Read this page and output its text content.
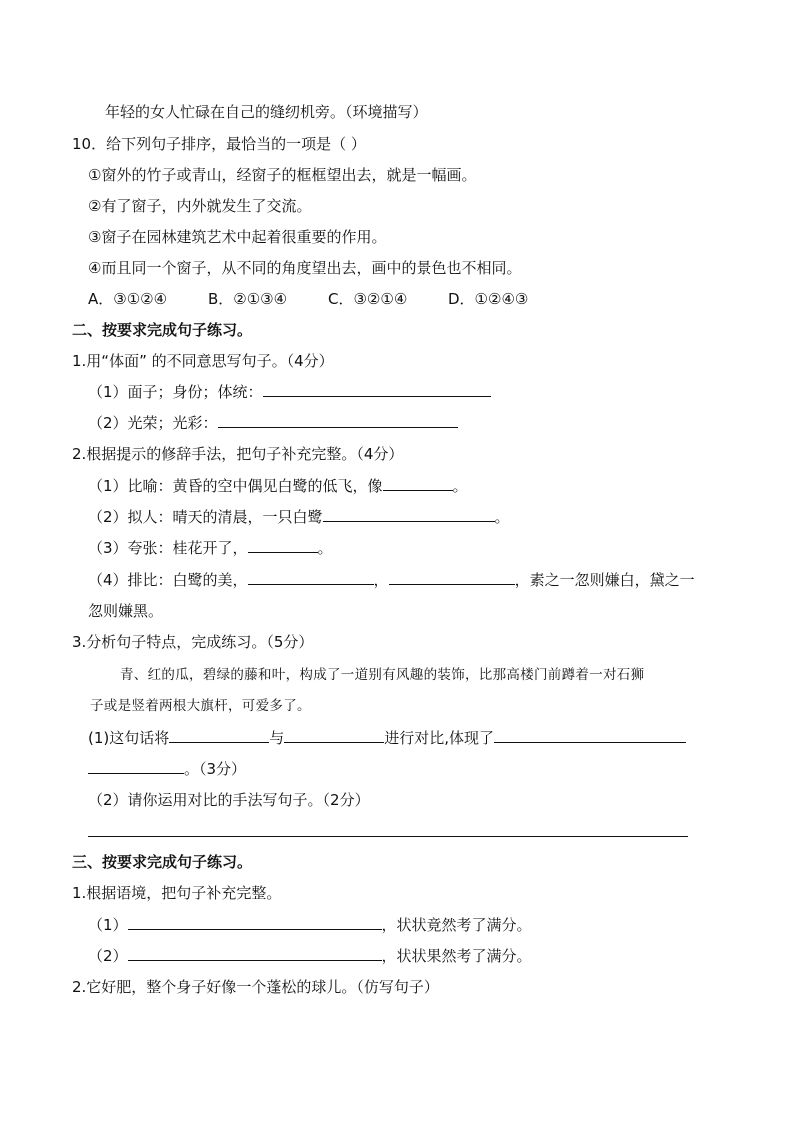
年轻的女人忙碌在自己的缝纫机旁。（环境描写）
10．给下列句子排序，最恰当的一项是（ ）
①窗外的竹子或青山，经窗子的框框望出去，就是一幅画。
②有了窗子，内外就发生了交流。
③窗子在园林建筑艺术中起着很重要的作用。
④而且同一个窗子，从不同的角度望出去，画中的景色也不相同。
A．③①②④	B．②①③④	C．③②①④	D．①②④③
二、按要求完成句子练习。
1.用“体面” 的不同意思写句子。（4分）
（1）面子；身份；体统：
（2）光荣；光彩：
2.根据提示的修辞手法，把句子补充完整。（4分）
（1）比喻：黄昏的空中偶见白鹭的低飞，像	。
（2）拟人：晴天的清晨，一只白鹭	。
（3）夸张：桂花开了，	。
（4）排比：白鹭的美，	，	，素之一忽则嫌白，黛之一
忽则嫌黑。
3.分析句子特点，完成练习。（5分）
青、红的瓜，碧绿的藤和叶，构成了一道别有风趣的装饰，比那高楼门前蹲着一对石狮
子或是竖着两根大旗杆，可爱多了。
(1)这句话将	与	进行对比,体现了
。（3分）
（2）请你运用对比的手法写句子。（2分）
三、按要求完成句子练习。
1.根据语境，把句子补充完整。
（1）	，状状竟然考了满分。
（2）	，状状果然考了满分。
2.它好肥，整个身子好像一个蓬松的球儿。（仿写句子）
